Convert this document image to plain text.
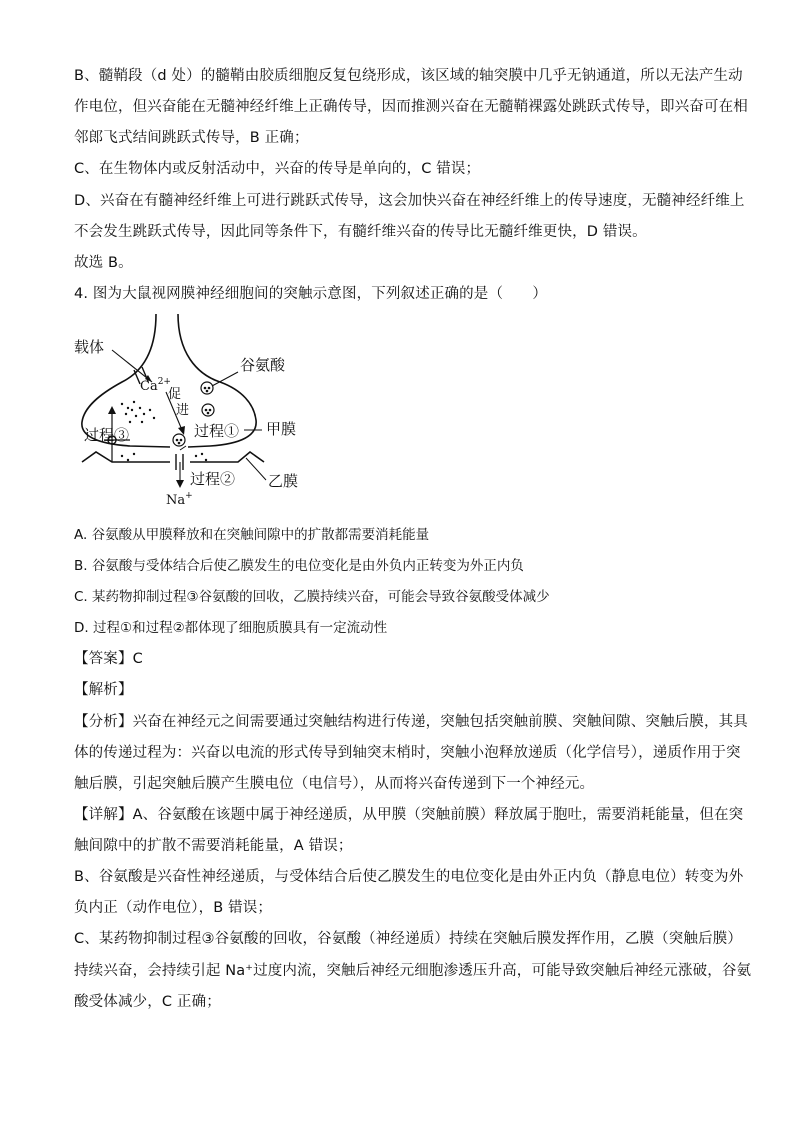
B、髓鞘段（d 处）的髓鞘由胶质细胞反复包绕形成，该区域的轴突膜中几乎无钠通道，所以无法产生动
作电位，但兴奋能在无髓神经纤维上正确传导，因而推测兴奋在无髓鞘裸露处跳跃式传导，即兴奋可在相
邻郎飞式结间跳跃式传导，B 正确；
C、在生物体内或反射活动中，兴奋的传导是单向的，C 错误；
D、兴奋在有髓神经纤维上可进行跳跃式传导，这会加快兴奋在神经纤维上的传导速度，无髓神经纤维上
不会发生跳跃式传导，因此同等条件下，有髓纤维兴奋的传导比无髓纤维更快，D 错误。
故选 B。
4. 图为大鼠视网膜神经细胞间的突触示意图，下列叙述正确的是（　　）
载体
$Ca^{2+}$
促
进
谷氨酸
过程① 甲膜
过程③
过程② 乙膜
Na+
A. 谷氨酸从甲膜释放和在突触间隙中的扩散都需要消耗能量
B. 谷氨酸与受体结合后使乙膜发生的电位变化是由外负内正转变为外正内负
C. 某药物抑制过程③谷氨酸的回收，乙膜持续兴奋，可能会导致谷氨酸受体减少
D. 过程①和过程②都体现了细胞质膜具有一定流动性
【答案】C
【解析】
【分析】兴奋在神经元之间需要通过突触结构进行传递，突触包括突触前膜、突触间隙、突触后膜，其具
体的传递过程为：兴奋以电流的形式传导到轴突末梢时，突触小泡释放递质（化学信号），递质作用于突
触后膜，引起突触后膜产生膜电位（电信号），从而将兴奋传递到下一个神经元。
【详解】A、谷氨酸在该题中属于神经递质，从甲膜（突触前膜）释放属于胞吐，需要消耗能量，但在突
触间隙中的扩散不需要消耗能量，A 错误；
B、谷氨酸是兴奋性神经递质，与受体结合后使乙膜发生的电位变化是由外正内负（静息电位）转变为外
负内正（动作电位），B 错误；
C、某药物抑制过程③谷氨酸的回收，谷氨酸（神经递质）持续在突触后膜发挥作用，乙膜（突触后膜）
持续兴奋，会持续引起 Na⁺过度内流，突触后神经元细胞渗透压升高，可能导致突触后神经元涨破，谷氨
酸受体减少，C 正确；
